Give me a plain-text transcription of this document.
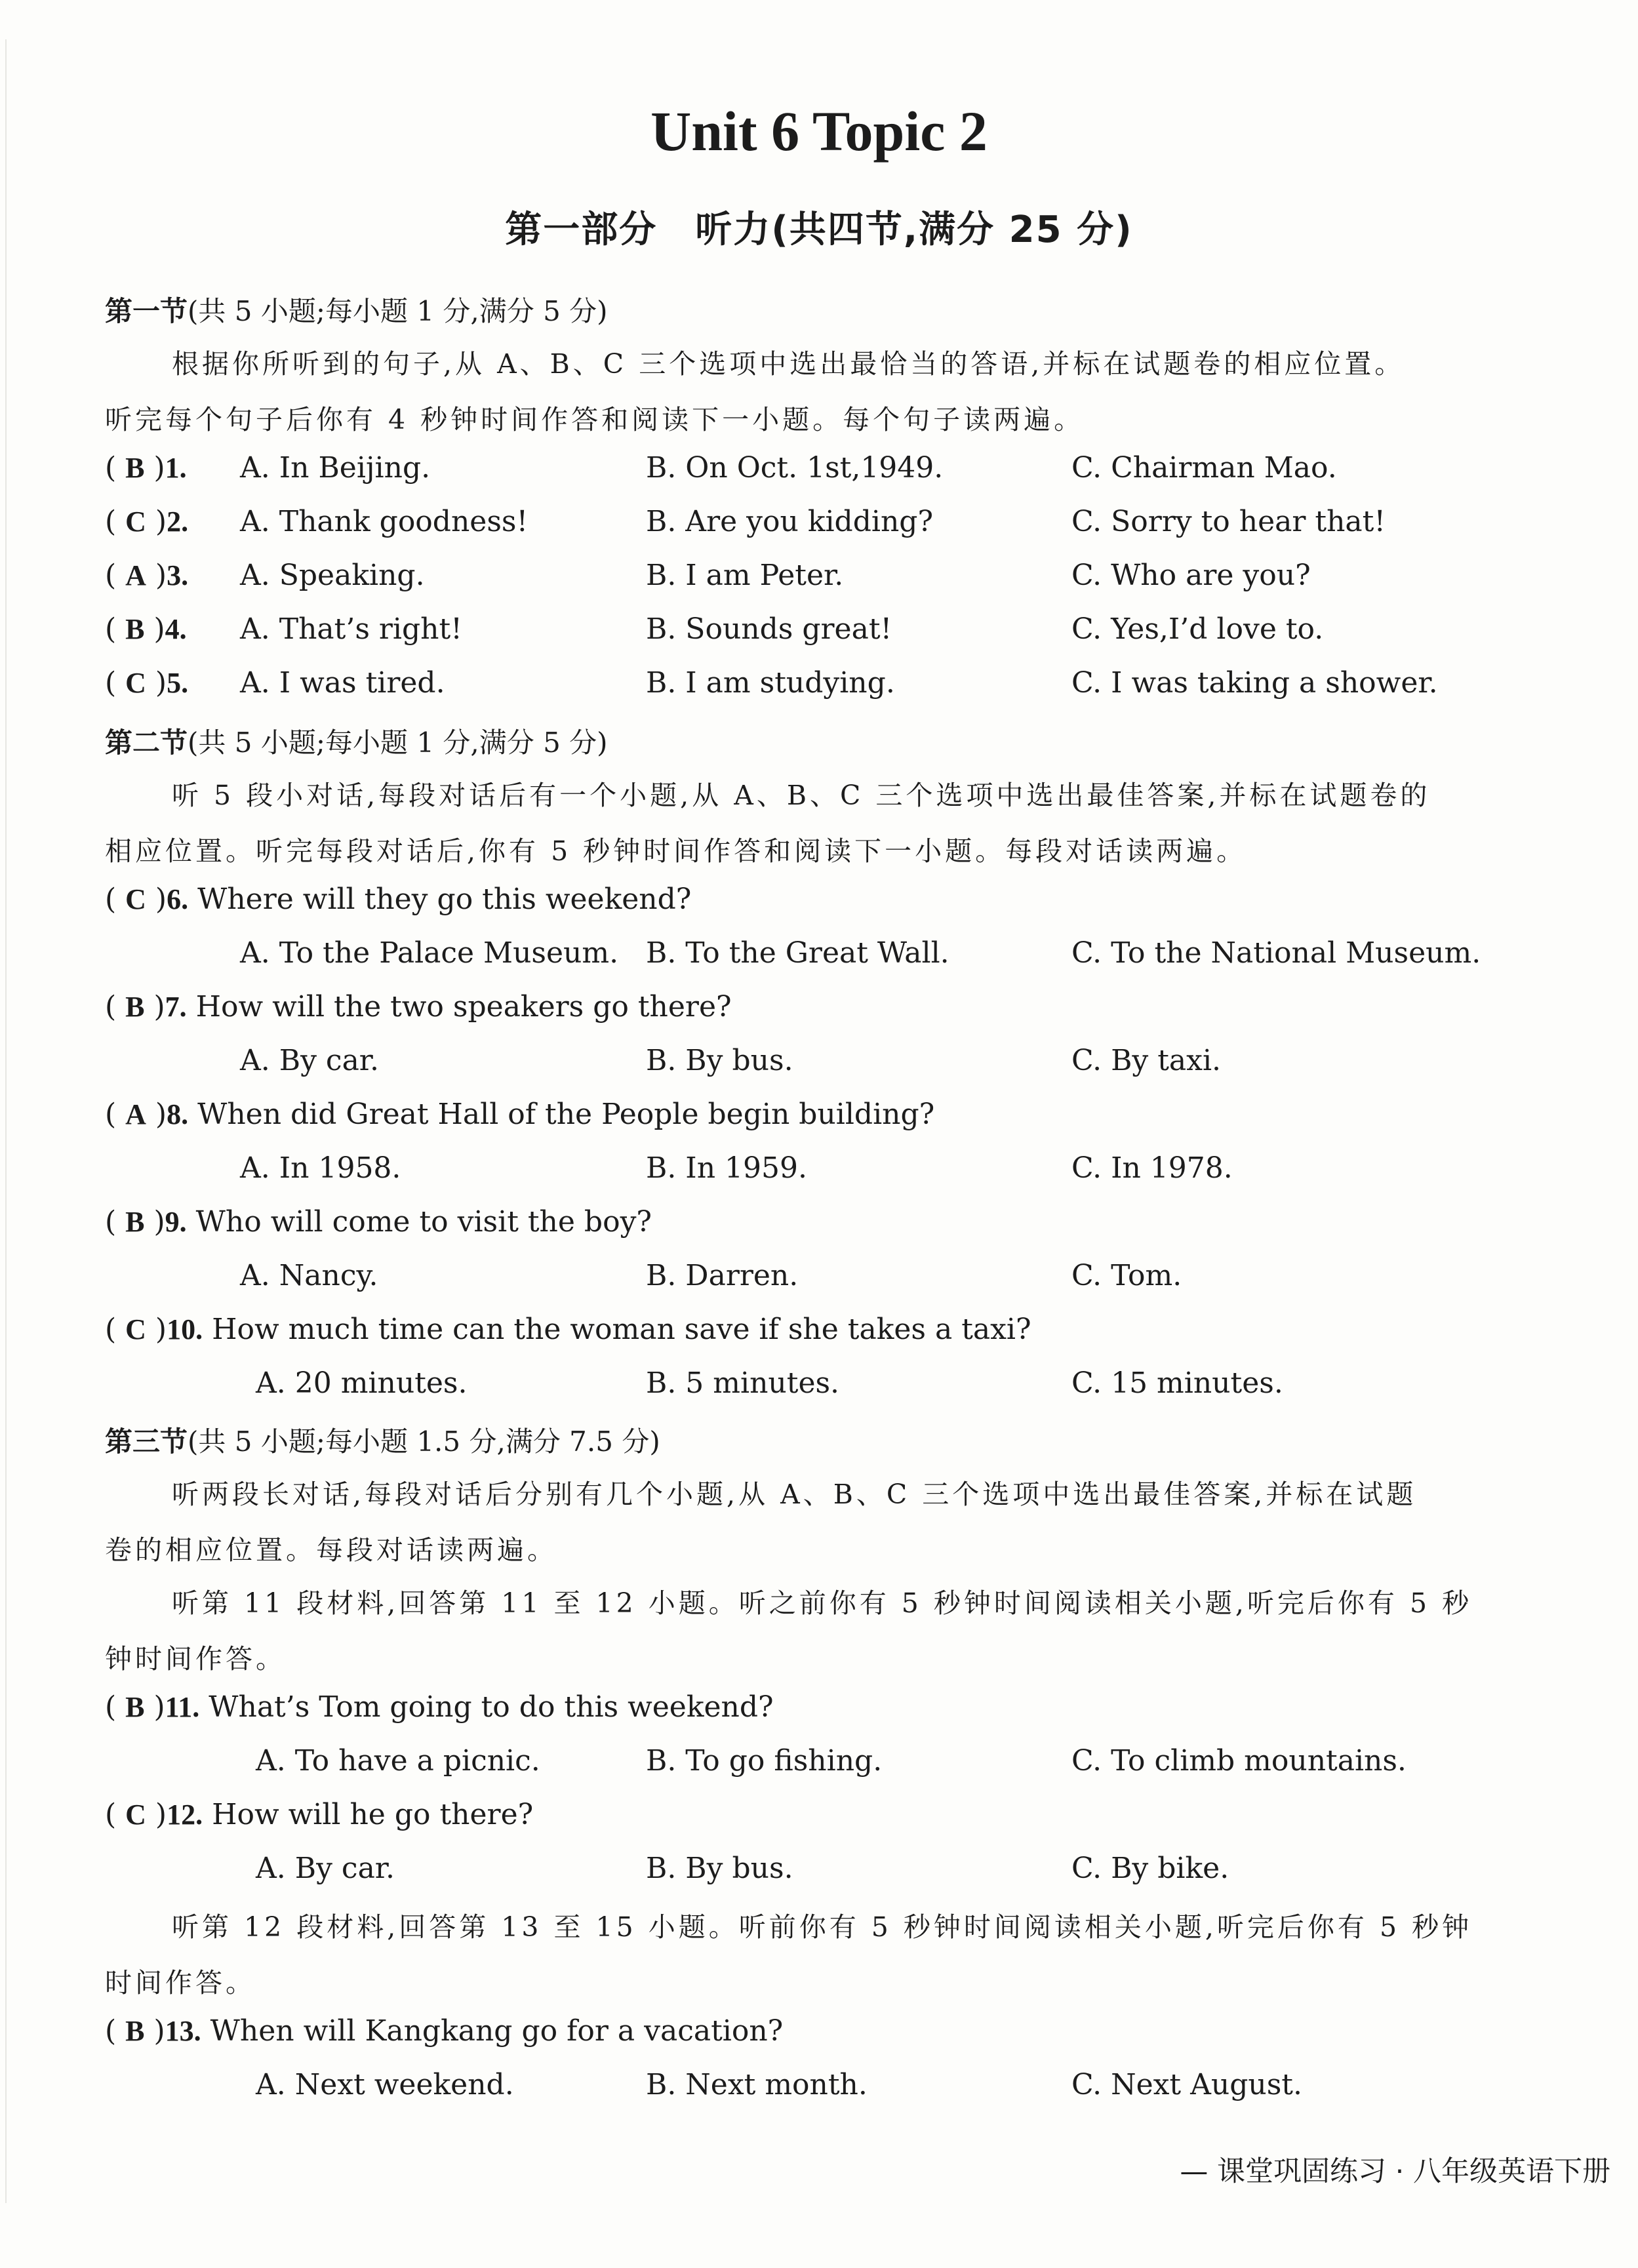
Unit 6 Topic 2
第一部分　听力(共四节,满分 25 分)
第一节(共 5 小题;每小题 1 分,满分 5 分)
根据你所听到的句子,从 A、B、C 三个选项中选出最恰当的答语,并标在试题卷的相应位置。
听完每个句子后你有 4 秒钟时间作答和阅读下一小题。每个句子读两遍。
( B )1. A. In Beijing.	B. On Oct. 1st,1949.	C. Chairman Mao.
( C )2. A. Thank goodness!	B. Are you kidding?	C. Sorry to hear that!
( A )3. A. Speaking.	B. I am Peter.	C. Who are you?
( B )4. A. That’s right!	B. Sounds great!	C. Yes,I’d love to.
( C )5. A. I was tired.	B. I am studying.	C. I was taking a shower.
第二节(共 5 小题;每小题 1 分,满分 5 分)
听 5 段小对话,每段对话后有一个小题,从 A、B、C 三个选项中选出最佳答案,并标在试题卷的
相应位置。听完每段对话后,你有 5 秒钟时间作答和阅读下一小题。每段对话读两遍。
( C )6. Where will they go this weekend?
A. To the Palace Museum. B. To the Great Wall.	C. To the National Museum.
( B )7. How will the two speakers go there?
A. By car.	B. By bus.	C. By taxi.
( A )8. When did Great Hall of the People begin building?
A. In 1958.	B. In 1959.	C. In 1978.
( B )9. Who will come to visit the boy?
A. Nancy.	B. Darren.	C. Tom.
( C )10. How much time can the woman save if she takes a taxi?
A. 20 minutes.	B. 5 minutes.	C. 15 minutes.
第三节(共 5 小题;每小题 1.5 分,满分 7.5 分)
听两段长对话,每段对话后分别有几个小题,从 A、B、C 三个选项中选出最佳答案,并标在试题
卷的相应位置。每段对话读两遍。
听第 11 段材料,回答第 11 至 12 小题。听之前你有 5 秒钟时间阅读相关小题,听完后你有 5 秒
钟时间作答。
( B )11. What’s Tom going to do this weekend?
A. To have a picnic.	B. To go fishing.	C. To climb mountains.
( C )12. How will he go there?
A. By car.	B. By bus.	C. By bike.
听第 12 段材料,回答第 13 至 15 小题。听前你有 5 秒钟时间阅读相关小题,听完后你有 5 秒钟
时间作答。
( B )13. When will Kangkang go for a vacation?
A. Next weekend.	B. Next month.	C. Next August.
— 课堂巩固练习 · 八年级英语下册
